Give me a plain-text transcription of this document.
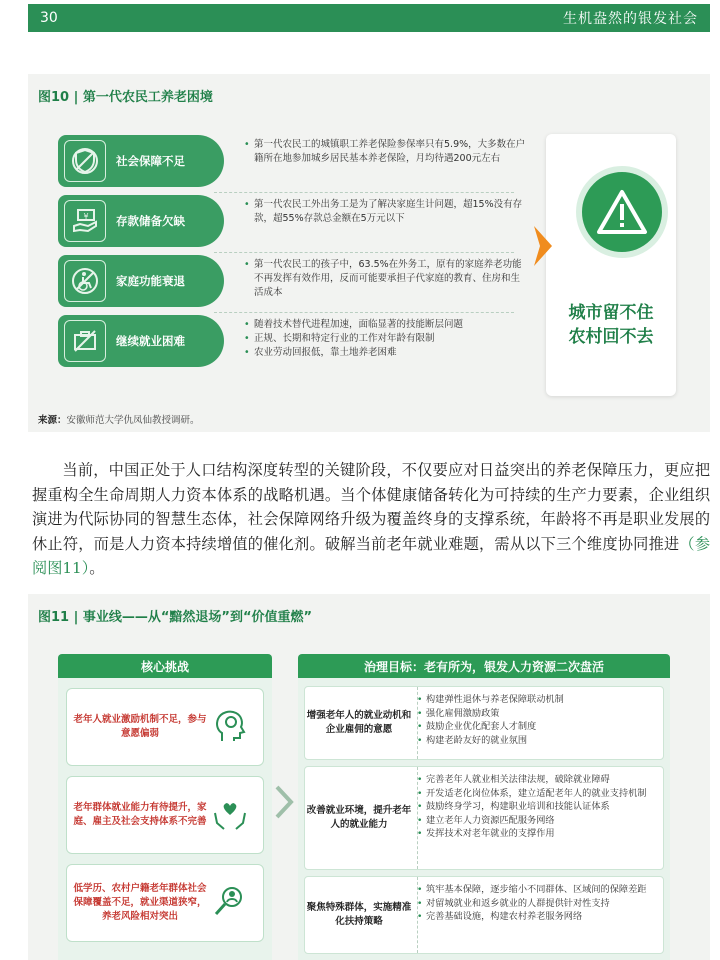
30	生机盎然的银发社会
图10 | 第一代农民工养老困境
社会保障不足

• 第一代农民工的城镇职工养老保险参保率只有5.9%，大多数在户籍所在地参加城乡居民基本养老保险，月均待遇200元左右

¥ 存款储备欠缺

• 第一代农民工外出务工是为了解决家庭生计问题，超15%没有存款，超55%存款总金额在5万元以下

家庭功能衰退

• 第一代农民工的孩子中，63.5%在外务工，原有的家庭养老功能不再发挥有效作用，反而可能要承担子代家庭的教育、住房和生活成本

继续就业困难

• 随着技术替代进程加速，面临显著的技能断层问题

• 正规、长期和特定行业的工作对年龄有限制

• 农业劳动回报低，靠土地养老困难

城市留不住
农村回不去
来源：安徽师范大学仇凤仙教授调研。
当前，中国正处于人口结构深度转型的关键阶段，不仅要应对日益突出的养老保障压力，更应把握重构全生命周期人力资本体系的战略机遇。当个体健康储备转化为可持续的生产力要素，企业组织演进为代际协同的智慧生态体，社会保障网络升级为覆盖终身的支撑系统，年龄将不再是职业发展的休止符，而是人力资本持续增值的催化剂。破解当前老年就业难题，需从以下三个维度协同推进（参阅图11）。
图11 | 事业线——从“黯然退场”到“价值重燃”
核心挑战	治理目标：老有所为，银发人力资源二次盘活
老年人就业激励机制不足，参与意愿偏弱
老年群体就业能力有待提升，家庭、雇主及社会支持体系不完善
低学历、农村户籍老年群体社会保障覆盖不足，就业渠道狭窄，养老风险相对突出
增强老年人的就业动机和企业雇佣的意愿

• 构建弹性退休与养老保障联动机制

• 强化雇佣激励政策

• 鼓励企业优化配套人才制度

• 构建老龄友好的就业氛围

改善就业环境，提升老年人的就业能力

• 完善老年人就业相关法律法规，破除就业障碍

• 开发适老化岗位体系，建立适配老年人的就业支持机制

• 鼓励终身学习，构建职业培训和技能认证体系

• 建立老年人力资源匹配服务网络

• 发挥技术对老年就业的支撑作用

聚焦特殊群体，实施精准化扶持策略

• 筑牢基本保障，逐步缩小不同群体、区域间的保障差距

• 对留城就业和返乡就业的人群提供针对性支持

• 完善基础设施，构建农村养老服务网络
